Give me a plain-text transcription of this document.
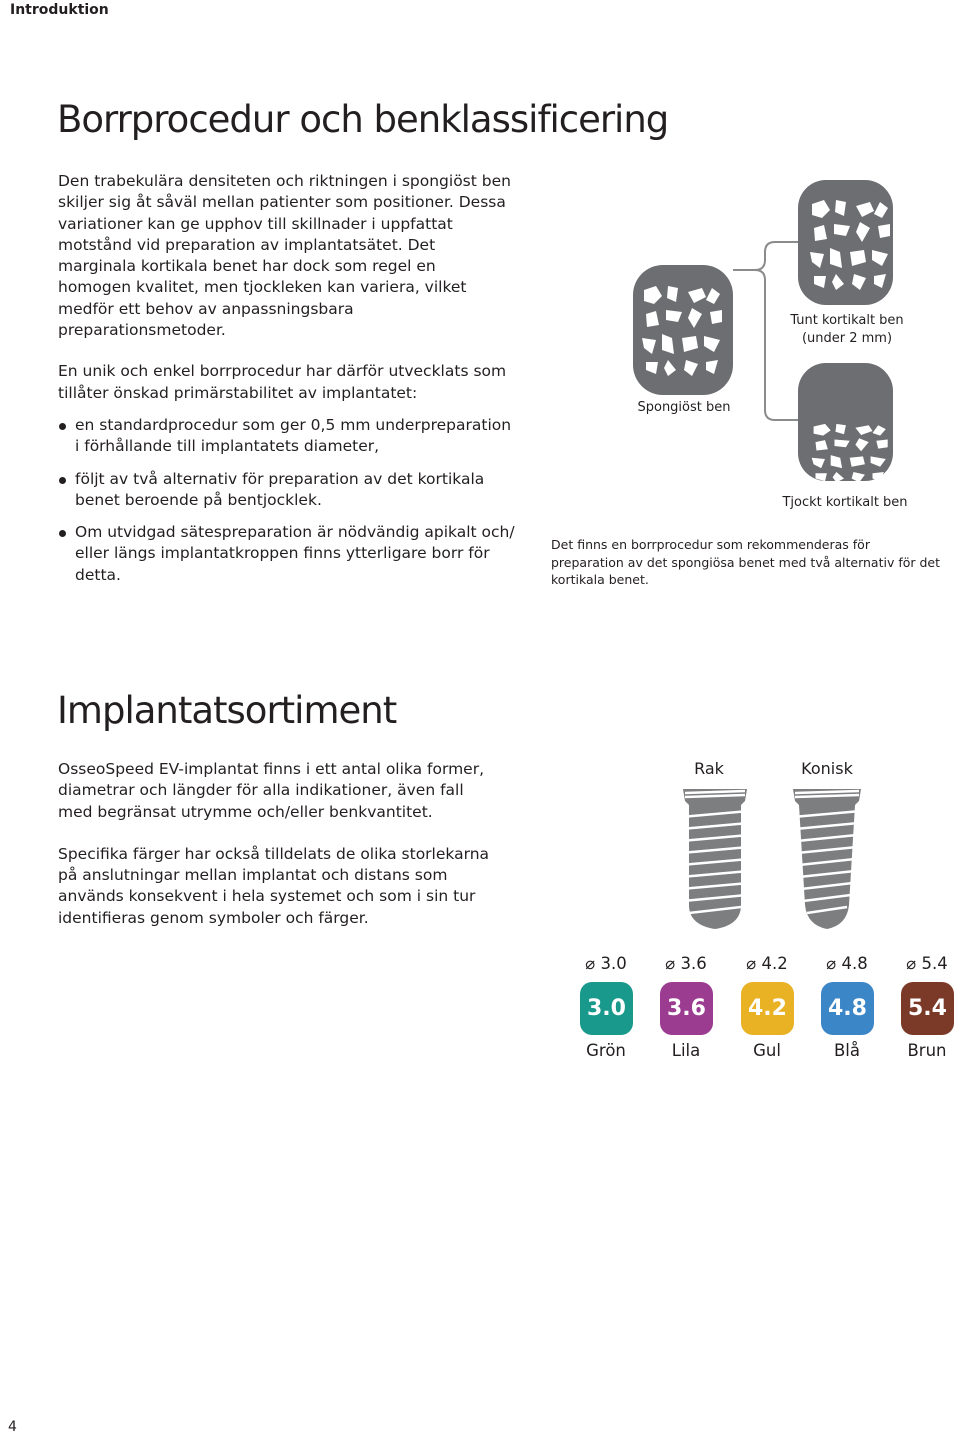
Introduktion
Borrprocedur och benklassificering

Den trabekulära densiteten och riktningen i spongiöst ben skiljer sig åt såväl mellan patienter som positioner. Dessa variationer kan ge upphov till skillnader i uppfattat motstånd vid preparation av implantatsätet. Det marginala kortikala benet har dock som regel en homogen kvalitet, men tjockleken kan variera, vilket medför ett behov av anpassningsbara preparationsmetoder.

En unik och enkel borrprocedur har därför utvecklats som tillåter önskad primärstabilitet av implantatet:

en standardprocedur som ger 0,5 mm underpreparation i förhållande till implantatets diameter,
följt av två alternativ för preparation av det kortikala benet beroende på bentjocklek.
Om utvidgad sätespreparation är nödvändig apikalt och/ eller längs implantatkroppen finns ytterligare borr för detta.
Spongiöst ben
Tunt kortikalt ben (under 2 mm)
Tjockt kortikalt ben
Det finns en borrprocedur som rekommenderas för preparation av det spongiösa benet med två alternativ för det kortikala benet.
Implantatsortiment

OsseoSpeed EV-implantat finns i ett antal olika former, diametrar och längder för alla indikationer, även fall med begränsat utrymme och/eller benkvantitet.

Specifika färger har också tilldelats de olika storlekarna på anslutningar mellan implantat och distans som används konsekvent i hela systemet och som i sin tur identifieras genom symboler och färger.

Rak	Konisk
⌀ 3.0
3.0
Grön
⌀ 3.6
3.6
Lila
⌀ 4.2
4.2
Gul
⌀ 4.8
4.8
Blå
⌀ 5.4
5.4
Brun
4
